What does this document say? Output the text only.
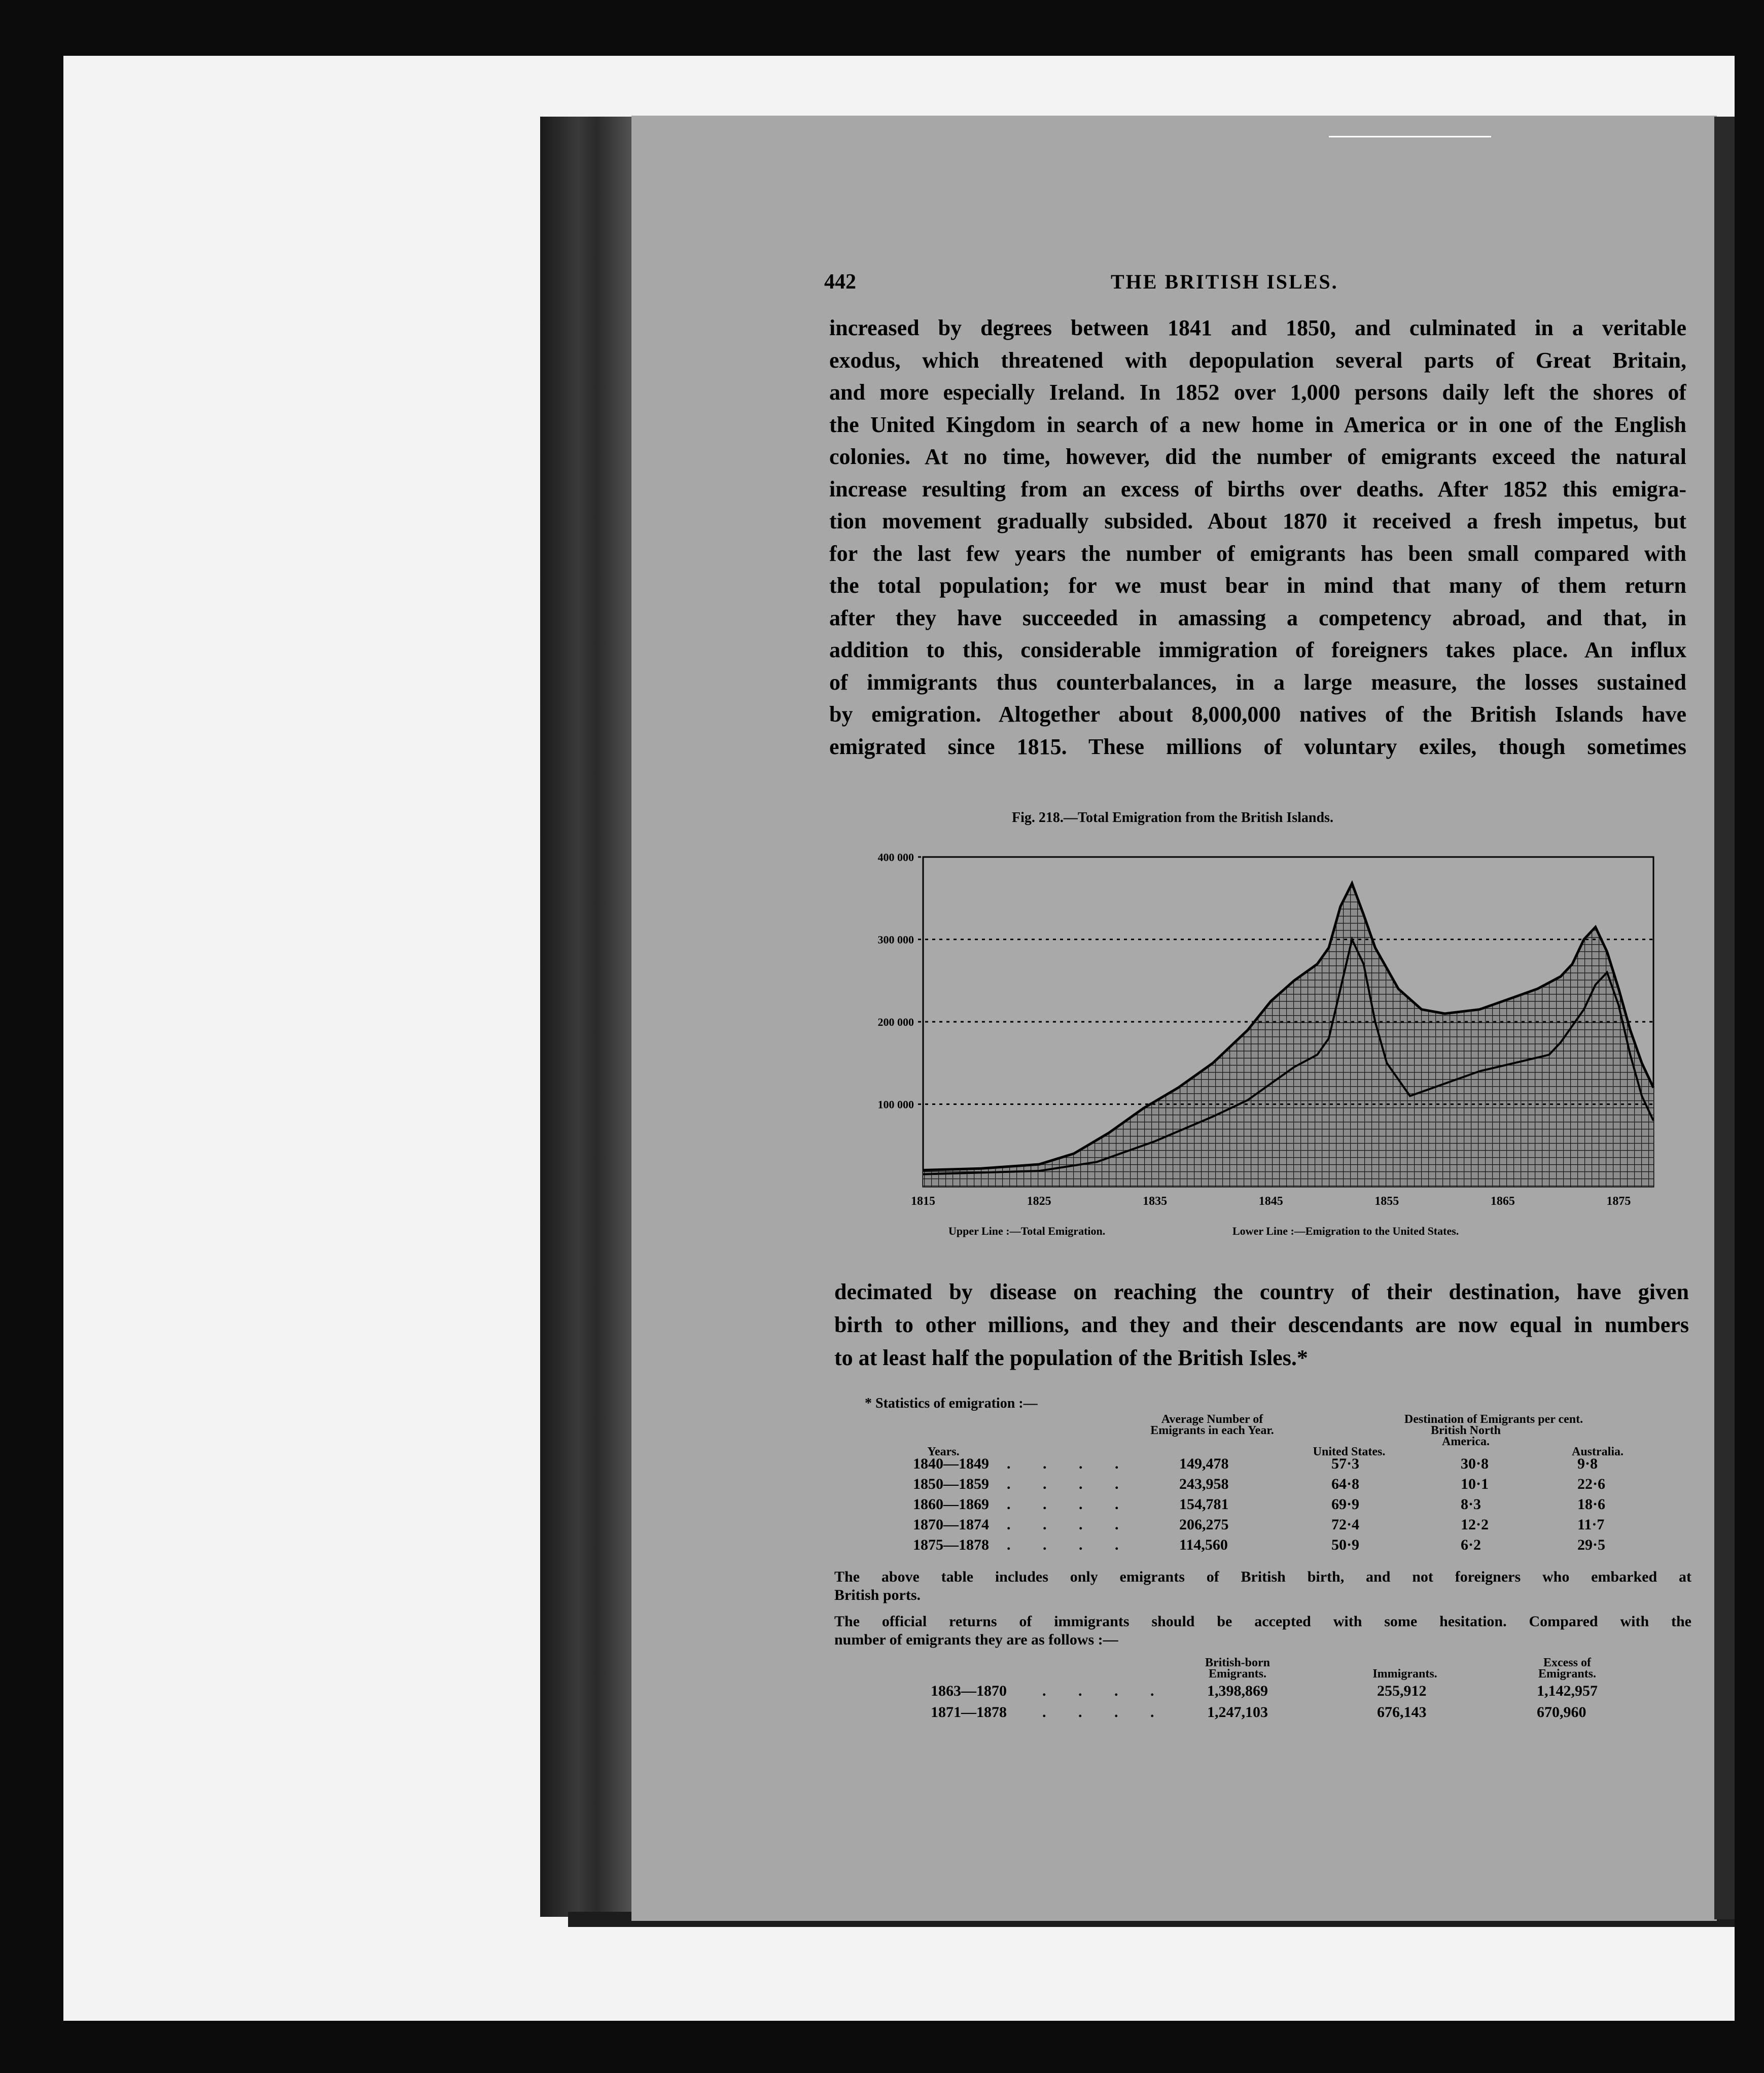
442	THE BRITISH ISLES.
increased by degrees between 1841 and 1850, and culminated in a veritable
exodus, which threatened with depopulation several parts of Great Britain,
and more especially Ireland. In 1852 over 1,000 persons daily left the shores of
the United Kingdom in search of a new home in America or in one of the English
colonies. At no time, however, did the number of emigrants exceed the natural
increase resulting from an excess of births over deaths. After 1852 this emigra-
tion movement gradually subsided. About 1870 it received a fresh impetus, but
for the last few years the number of emigrants has been small compared with
the total population; for we must bear in mind that many of them return
after they have succeeded in amassing a competency abroad, and that, in
addition to this, considerable immigration of foreigners takes place. An influx
of immigrants thus counterbalances, in a large measure, the losses sustained
by emigration. Altogether about 8,000,000 natives of the British Islands have
emigrated since 1815. These millions of voluntary exiles, though sometimes
Fig. 218.—Total Emigration from the British Islands.
100 000
200 000
300 000
400 000
1815	1825	1835	1845	1855	1865	1875
Upper Line :—Total Emigration.	Lower Line :—Emigration to the United States.
decimated by disease on reaching the country of their destination, have given
birth to other millions, and they and their descendants are now equal in numbers
to at least half the population of the British Isles.*
* Statistics of emigration :—
Average Number of Emigrants in each Year.
Destination of Emigrants per cent.
Years.	United States.
British North America.
Australia.
1840—1849 . . . .	149,478	57·3	30·8	9·8
1850—1859 . . . .	243,958	64·8	10·1	22·6
1860—1869 . . . .	154,781	69·9	8·3	18·6
1870—1874 . . . .	206,275	72·4	12·2	11·7
1875—1878 . . . .	114,560	50·9	6·2	29·5
The above table includes only emigrants of British birth, and not foreigners who embarked at
British ports.
The official returns of immigrants should be accepted with some hesitation. Compared with the
number of emigrants they are as follows :—
British-born Emigrants.	Immigrants.
Excess of Emigrants.
1863—1870 . . . .	1,398,869	255,912	1,142,957
1871—1878 . . . .	1,247,103	676,143	670,960
